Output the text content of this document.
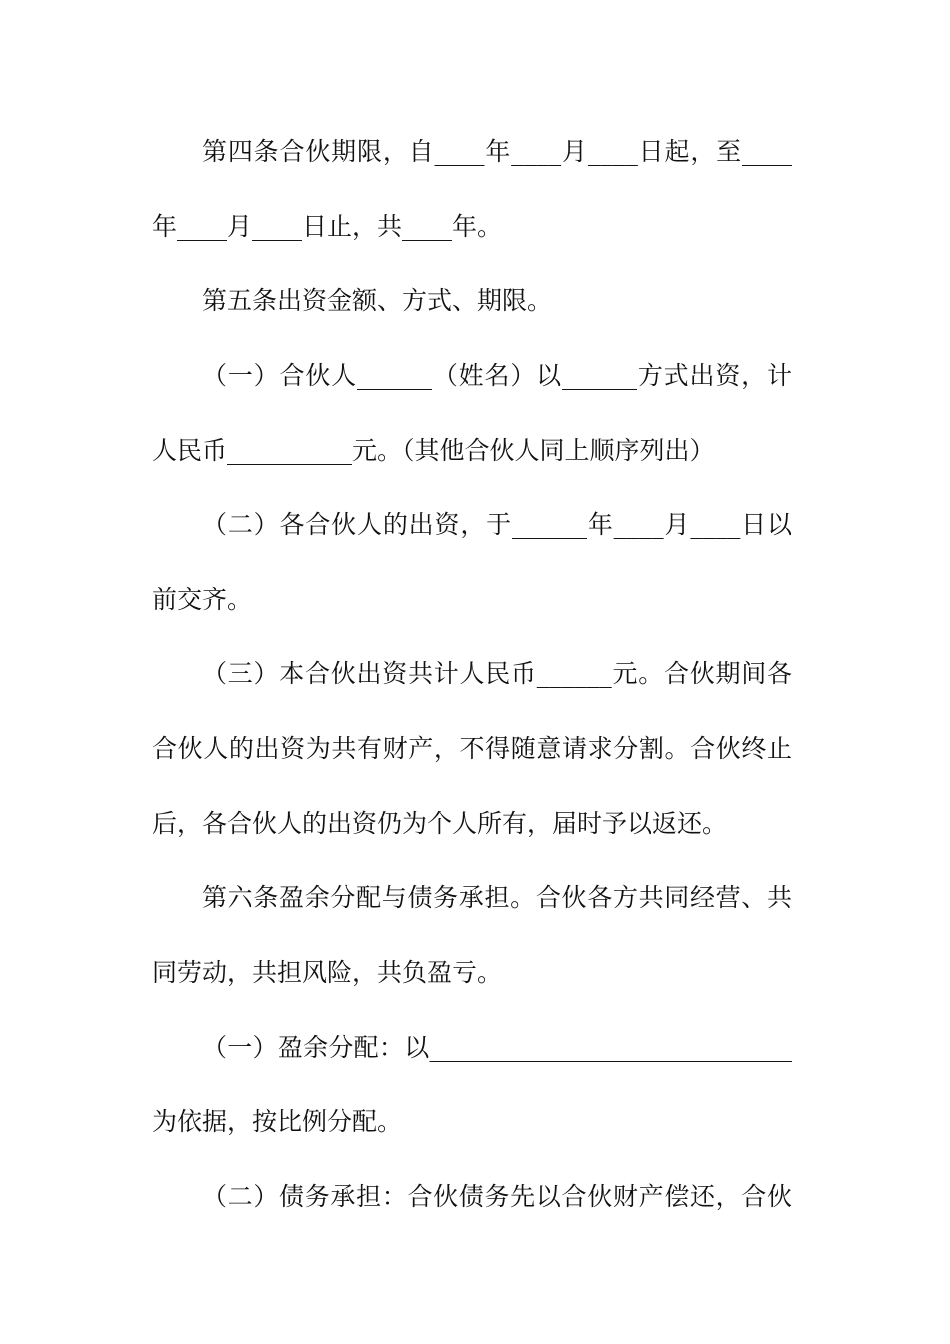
第四条合伙期限，自____年____月____日起，至____
年____月____日止，共____年。
第五条出资金额、方式、期限。
（一）合伙人______（姓名）以______方式出资，计
人民币__________元。（其他合伙人同上顺序列出）
（二）各合伙人的出资，于______年____月____日以
前交齐。
（三）本合伙出资共计人民币______元。合伙期间各
合伙人的出资为共有财产，不得随意请求分割。合伙终止
后，各合伙人的出资仍为个人所有，届时予以返还。
第六条盈余分配与债务承担。合伙各方共同经营、共
同劳动，共担风险，共负盈亏。
（一）盈余分配：以_____________________________
为依据，按比例分配。
（二）债务承担：合伙债务先以合伙财产偿还，合伙
